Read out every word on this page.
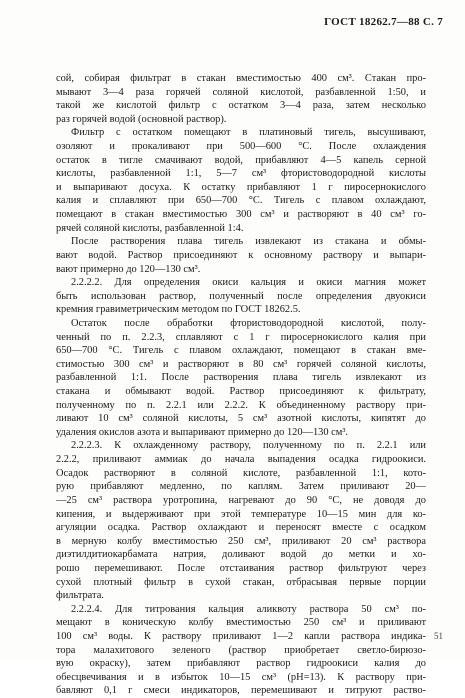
ГОСТ 18262.7—88 С. 7
сой, собирая фильтрат в стакан вместимостью 400 см³. Стакан про-
мывают 3—4 раза горячей соляной кислотой, разбавленной 1:50, и
такой же кислотой фильтр с остатком 3—4 раза, затем несколько
раз горячей водой (основной раствор).
Фильтр с остатком помещают в платиновый тигель, высушивают,
озоляют и прокаливают при 500—600 °С. После охлаждения
остаток в тигле смачивают водой, прибавляют 4—5 капель серной
кислоты, разбавленной 1:1, 5—7 см³ фтористоводородной кислоты
и выпаривают досуха. К остатку прибавляют 1 г пиросернокислого
калия и сплавляют при 650—700 °С. Тигель с плавом охлаждают,
помещают в стакан вместимостью 300 см³ и растворяют в 40 см³ го-
рячей соляной кислоты, разбавленной 1:4.
После растворения плава тигель извлекают из стакана и обмы-
вают водой. Раствор присоединяют к основному раствору и выпари-
вают примерно до 120—130 см³.
2.2.2.2. Для определения окиси кальция и окиси магния может
быть использован раствор, полученный после определения двуокиси
кремния гравиметрическим методом по ГОСТ 18262.5.
Остаток после обработки фтористоводородной кислотой, полу-
ченный по п. 2.2.3, сплавляют с 1 г пиросернокислого калия при
650—700 °С. Тигель с плавом охлаждают, помещают в стакан вме-
стимостью 300 см³ и растворяют в 80 см³ горячей соляной кислоты,
разбавленной 1:1. После растворения плава тигель извлекают из
стакана и обмывают водой. Раствор присоединяют к фильтрату,
полученному по п. 2.2.1 или 2.2.2. К объединенному раствору при-
ливают 10 см³ соляной кислоты, 5 см³ азотной кислоты, кипятят до
удаления окислов азота и выпаривают примерно до 120—130 см³.
2.2.2.3. К охлажденному раствору, полученному по п. 2.2.1 или
2.2.2, приливают аммиак до начала выпадения осадка гидроокиси.
Осадок растворяют в соляной кислоте, разбавленной 1:1, кото-
рую прибавляют медленно, по каплям. Затем приливают 20—
—25 см³ раствора уротропина, нагревают до 90 °С, не доводя до
кипения, и выдерживают при этой температуре 10—15 мин для ко-
агуляции осадка. Раствор охлаждают и переносят вместе с осадком
в мерную колбу вместимостью 250 см³, приливают 20 см³ раствора
диэтилдитиокарбамата натрия, доливают водой до метки и хо-
рошо перемешивают. После отстаивания раствор фильтруют через
сухой плотный фильтр в сухой стакан, отбрасывая первые порции
фильтрата.
2.2.2.4. Для титрования кальция аликвоту раствора 50 см³ по-
мещают в коническую колбу вместимостью 250 см³ и приливают
100 см³ воды. К раствору приливают 1—2 капли раствора индика-
тора малахитового зеленого (раствор приобретает светло-бирюзо-
вую окраску), затем прибавляют раствор гидроокиси калия до
обесцвечивания и в избыток 10—15 см³ (pH=13). К раствору при-
бавляют 0,1 г смеси индикаторов, перемешивают и титруют раство-
51
